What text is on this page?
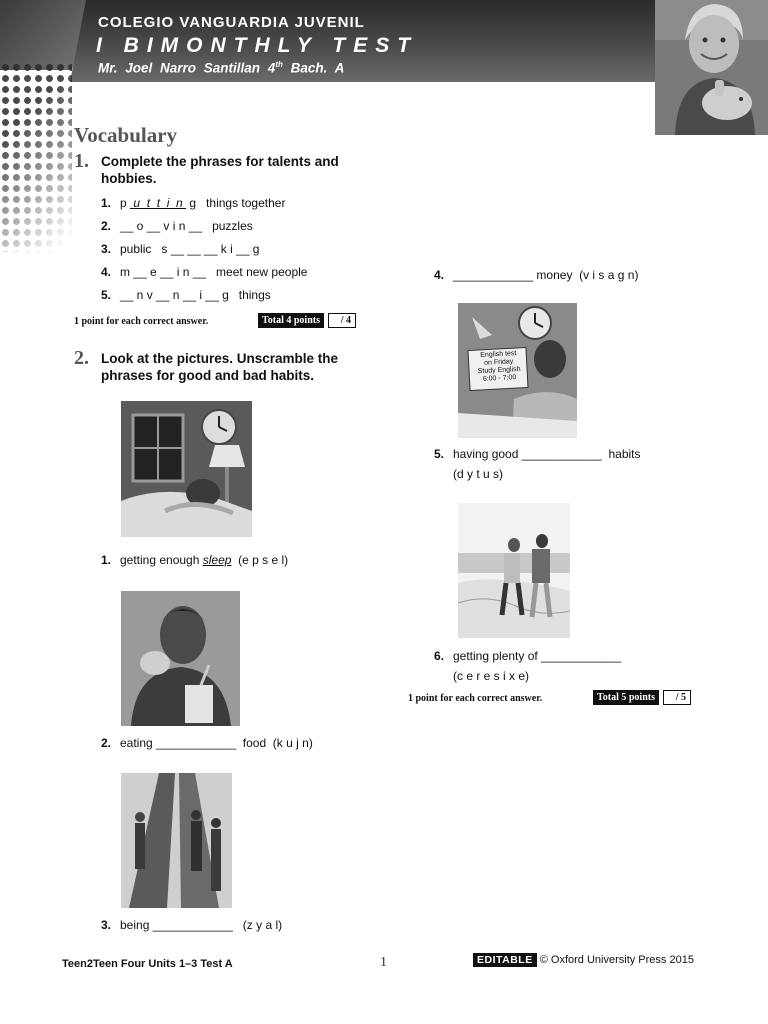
COLEGIO VANGUARDIA JUVENIL
I BIMONTHLY TEST
Mr. Joel Narro Santillan 4th Bach. A
Vocabulary
1. Complete the phrases for talents and hobbies.
1. p  u  t  t  i  n  g   things together
2. __ o __ v i n __   puzzles
3. public   s __ __ __ k i __ g
4. m __ e __ i n __   meet new people
5. __ n v __ n __ i __ g   things
1 point for each correct answer.	Total 4 points	/ 4
2. Look at the pictures. Unscramble the phrases for good and bad habits.
1. getting enough sleep  (e p s e l)
2. eating ____________  food  (k u j n)
3. being ____________   (z y a l)
4. ____________ money  (v i s a g n)
English test
on Friday
Study English
6:00 - 7:00
5. having good ____________  habits
(d y t u s)
6. getting plenty of ____________
(c e r e s i x e)
1 point for each correct answer.	Total 5 points	/ 5
Teen2Teen Four Units 1–3 Test A	1	EDITABLE © Oxford University Press 2015
